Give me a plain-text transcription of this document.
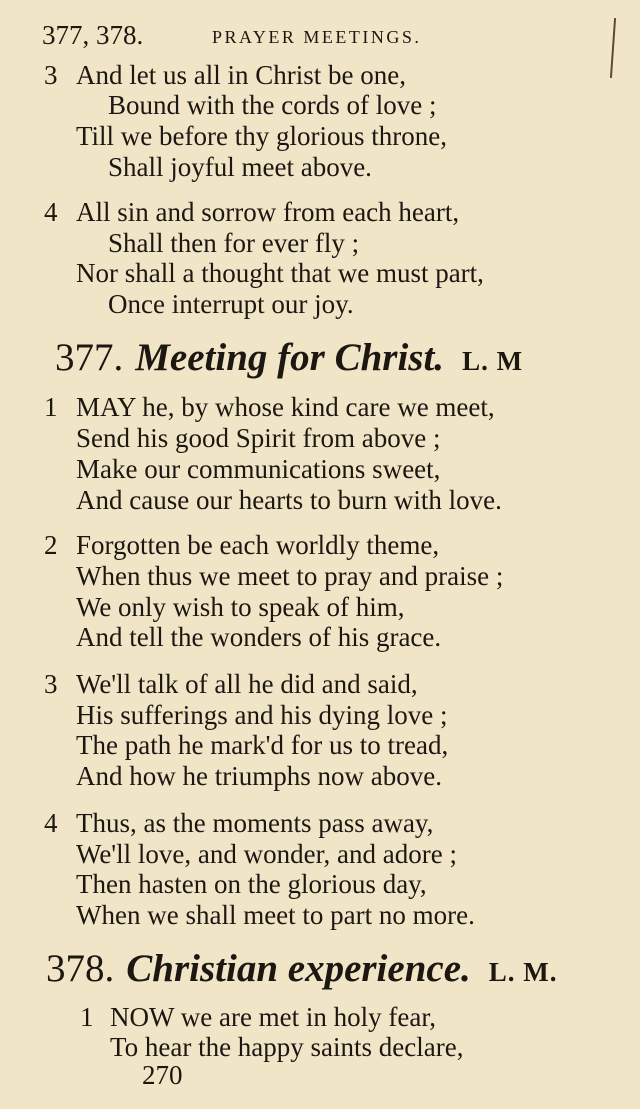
377, 378.	PRAYER MEETINGS.
3 And let us all in Christ be one,
Bound with the cords of love ;
Till we before thy glorious throne,
Shall joyful meet above.
4 All sin and sorrow from each heart,
Shall then for ever fly ;
Nor shall a thought that we must part,
Once interrupt our joy.
377. Meeting for Christ. L. M
1 MAY he, by whose kind care we meet,
Send his good Spirit from above ;
Make our communications sweet,
And cause our hearts to burn with love.
2 Forgotten be each worldly theme,
When thus we meet to pray and praise ;
We only wish to speak of him,
And tell the wonders of his grace.
3 We'll talk of all he did and said,
His sufferings and his dying love ;
The path he mark'd for us to tread,
And how he triumphs now above.
4 Thus, as the moments pass away,
We'll love, and wonder, and adore ;
Then hasten on the glorious day,
When we shall meet to part no more.
378. Christian experience. L. M.
1 NOW we are met in holy fear,
To hear the happy saints declare,
270
